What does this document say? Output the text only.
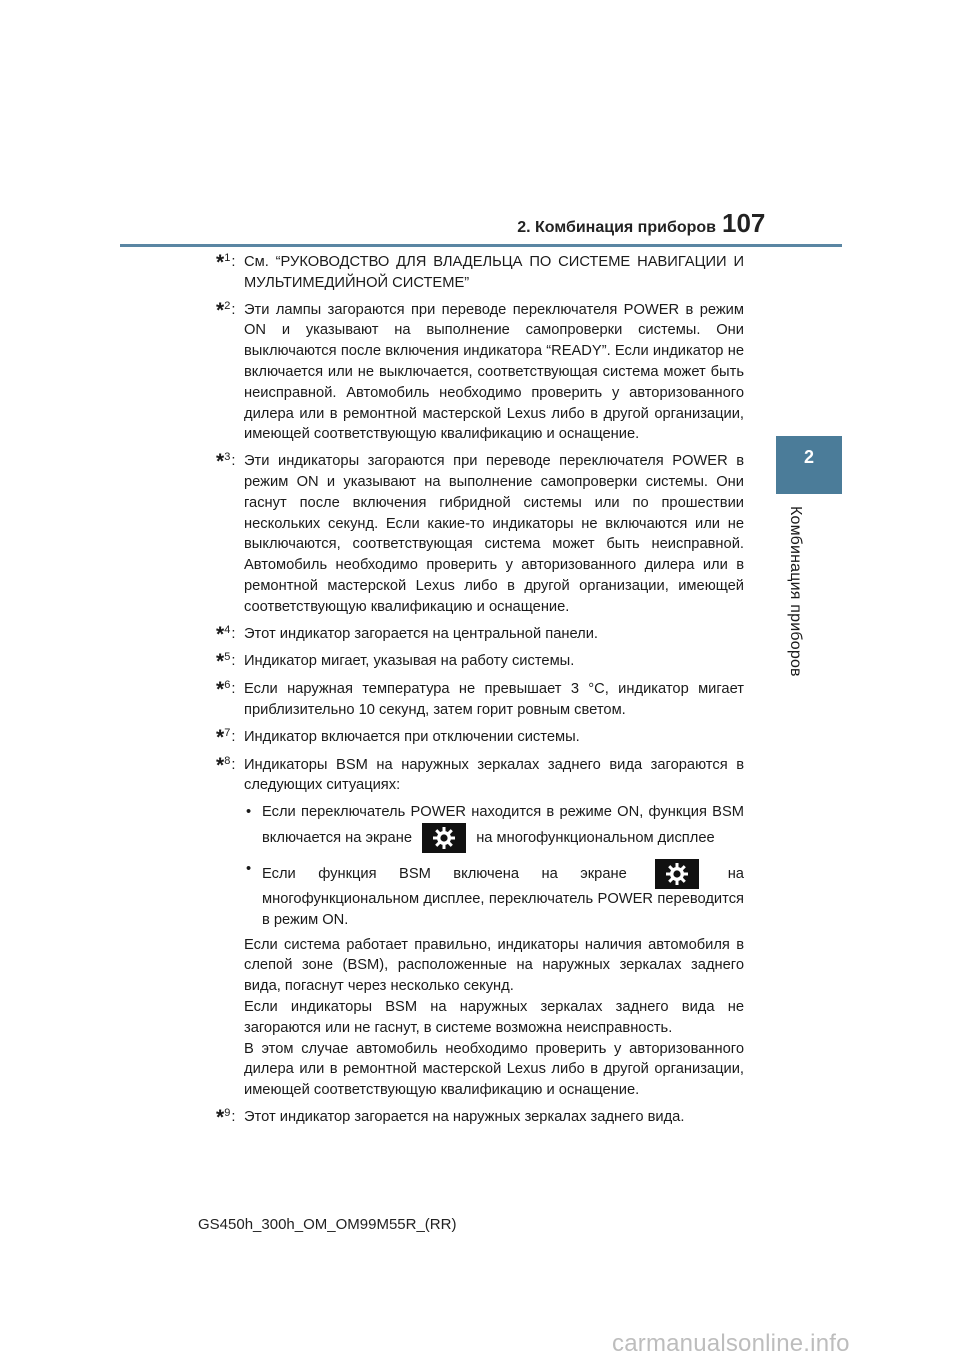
2. Комбинация приборов 107
2
Комбинация приборов
*$^1$: См. “РУКОВОДСТВО ДЛЯ ВЛАДЕЛЬЦА ПО СИСТЕМЕ НАВИГАЦИИ И МУЛЬТИМЕДИЙНОЙ СИСТЕМЕ”
*$^2$: Эти лампы загораются при переводе переключателя POWER в режим ON и указывают на выполнение самопроверки системы. Они выключаются после включения индикатора “READY”. Если индикатор не включается или не выключается, соответствующая система может быть неисправной. Автомобиль необходимо проверить у авторизованного дилера или в ремонтной мастерской Lexus либо в другой организации, имеющей соответствующую квалификацию и оснащение.
*$^3$: Эти индикаторы загораются при переводе переключателя POWER в режим ON и указывают на выполнение самопроверки системы. Они гаснут после включения гибридной системы или по прошествии нескольких секунд. Если какие-то индикаторы не включаются или не выключаются, соответствующая система может быть неисправной. Автомобиль необходимо проверить у авторизованного дилера или в ремонтной мастерской Lexus либо в другой организации, имеющей соответствующую квалификацию и оснащение.
*$^4$: Этот индикатор загорается на центральной панели.
*$^5$: Индикатор мигает, указывая на работу системы.
*$^6$: Если наружная температура не превышает 3 °C, индикатор мигает приблизительно 10 секунд, затем горит ровным светом.
*$^7$: Индикатор включается при отключении системы.
*$^8$: Индикаторы BSM на наружных зеркалах заднего вида загораются в следующих ситуациях:

• Если переключатель POWER находится в режиме ON, функция BSM включается на экране	на многофункциональном дисплее
• Если функция BSM включена на экране	на многофункциональном дисплее, переключатель POWER переводится в режим ON.

Если система работает правильно, индикаторы наличия автомобиля в слепой зоне (BSM), расположенные на наружных зеркалах заднего вида, погаснут через несколько секунд.

Если индикаторы BSM на наружных зеркалах заднего вида не загораются или не гаснут, в системе возможна неисправность.

В этом случае автомобиль необходимо проверить у авторизованного дилера или в ремонтной мастерской Lexus либо в другой организации, имеющей соответствующую квалификацию и оснащение.

*$^9$: Этот индикатор загорается на наружных зеркалах заднего вида.
GS450h_300h_OM_OM99M55R_(RR)
carmanualsonline.info
